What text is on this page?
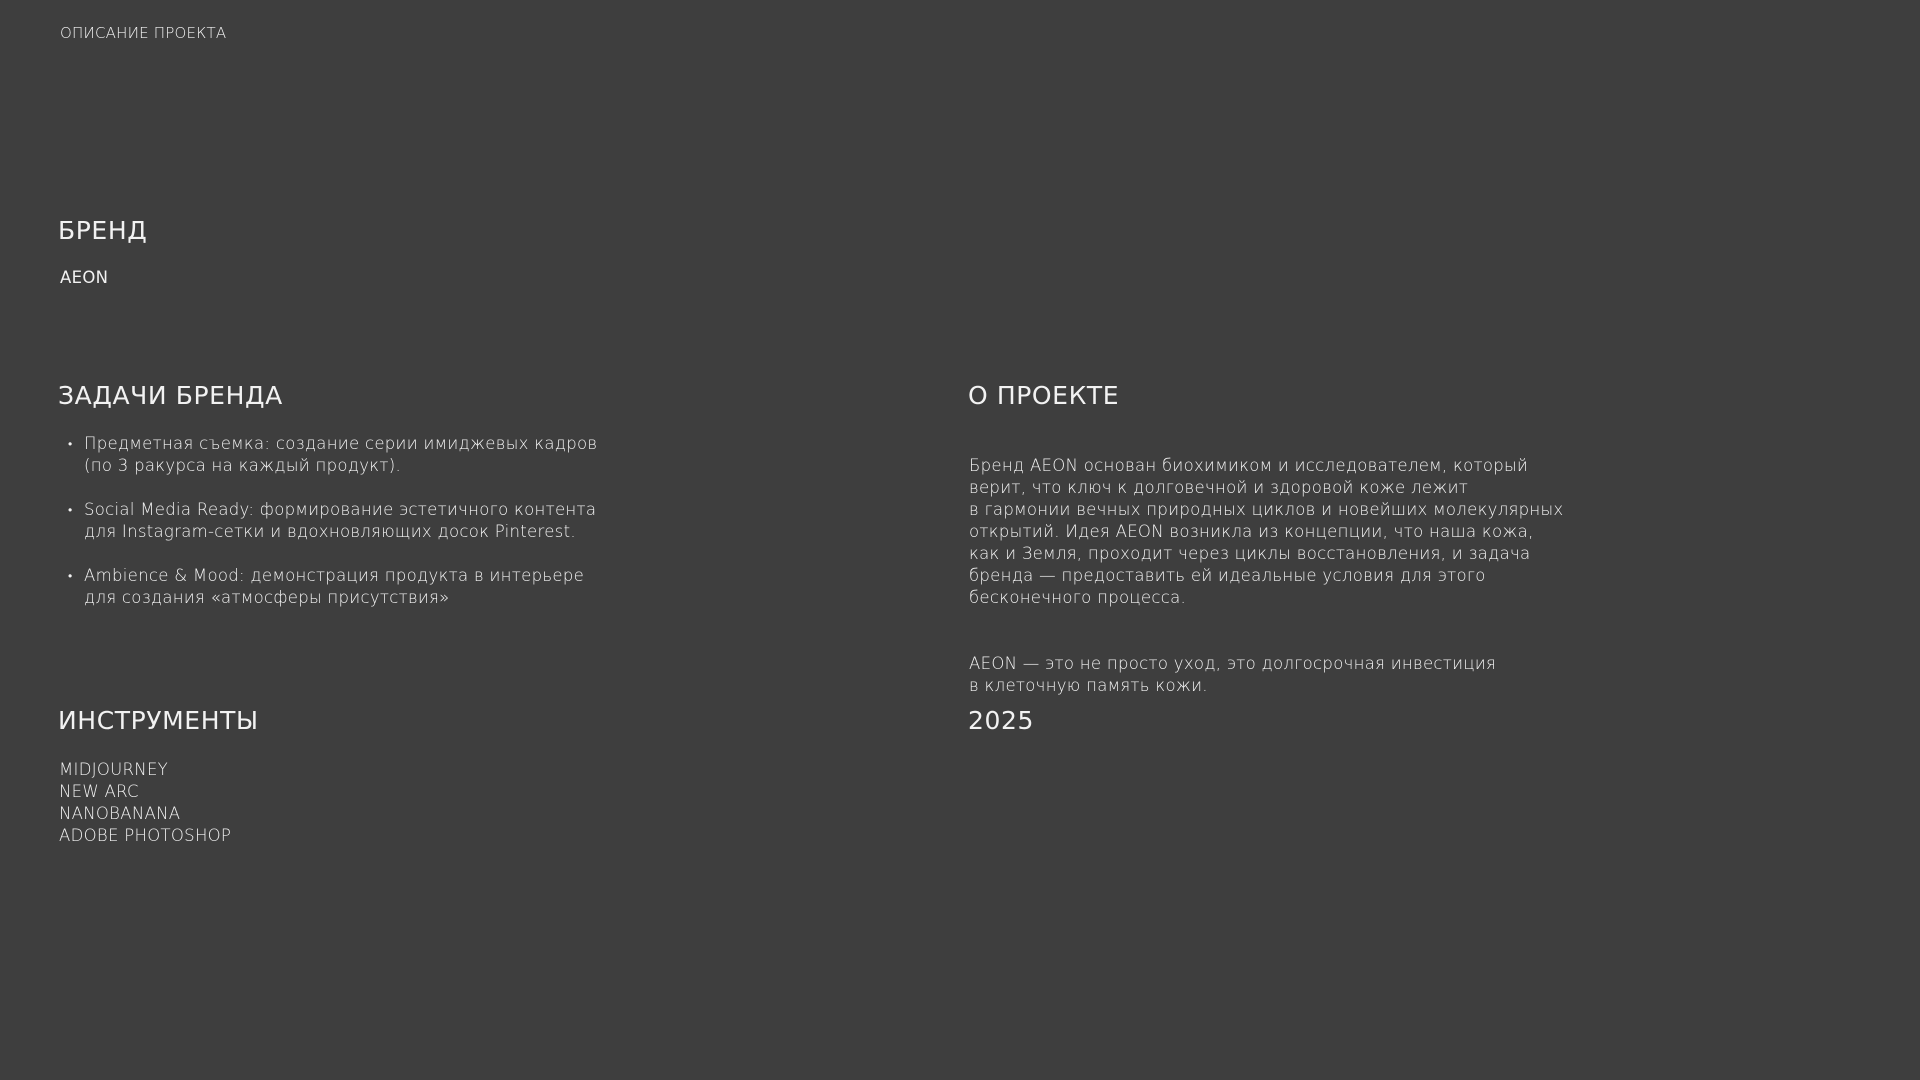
ОПИСАНИЕ ПРОЕКТА
БРЕНД
AEON
ЗАДАЧИ БРЕНДА
• Предметная съемка: создание серии имиджевых кадров
(по 3 ракурса на каждый продукт).
• Social Media Ready: формирование эстетичного контента
для Instagram-сетки и вдохновляющих досок Pinterest.
• Ambience & Mood: демонстрация продукта в интерьере
для создания «атмосферы присутствия»
О ПРОЕКТЕ

Бренд AEON основан биохимиком и исследователем, который
верит, что ключ к долговечной и здоровой коже лежит
в гармонии вечных природных циклов и новейших молекулярных
открытий. Идея AEON возникла из концепции, что наша кожа,
как и Земля, проходит через циклы восстановления, и задача
бренда — предоставить ей идеальные условия для этого
бесконечного процесса.

AEON — это не просто уход, это долгосрочная инвестиция
в клеточную память кожи.

ИНСТРУМЕНТЫ
MIDJOURNEY
NEW ARC
NANOBANANA
ADOBE PHOTOSHOP
2025
